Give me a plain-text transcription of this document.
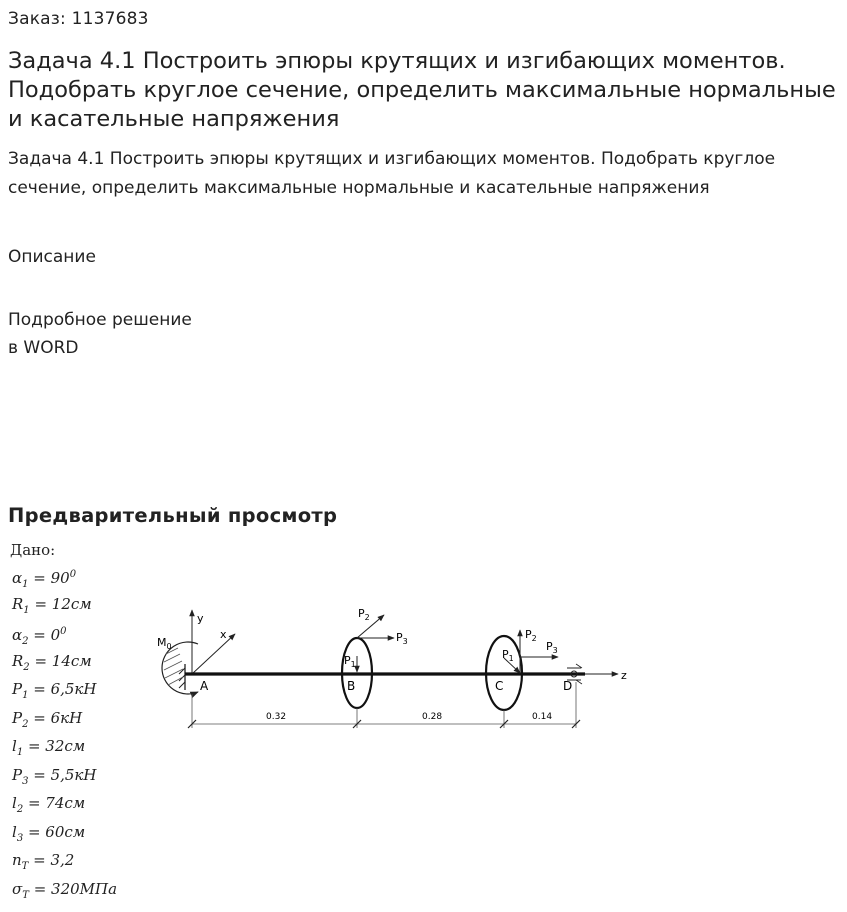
Заказ: 1137683
Задача 4.1 Построить эпюры крутящих и изгибающих моментов. Подобрать круглое сечение, определить максимальные нормальные и касательные напряжения
Задача 4.1 Построить эпюры крутящих и изгибающих моментов. Подобрать круглое сечение, определить максимальные нормальные и касательные напряжения
Описание
Подробное решение
в WORD
Предварительный просмотр
Дано:
$\alpha_1 = 90^0$
$R_1 = 12см$
$\alpha_2 = 0^0$
$R_2 = 14см$
$P_1 = 6,5кН$
$P_2 = 6кН$
$l_1 = 32см$
$P_3 = 5,5кН$
$l_2 = 74см$
$l_3 = 60см$
$n_T = 3,2$
$\sigma_T = 320МПа$
$M_0$
y
x
z
A	B	C	D
$P_2$
$P_3$
$P_1$
$P_2$
$P_3$
$P_1$
0.32	0.28	0.14
